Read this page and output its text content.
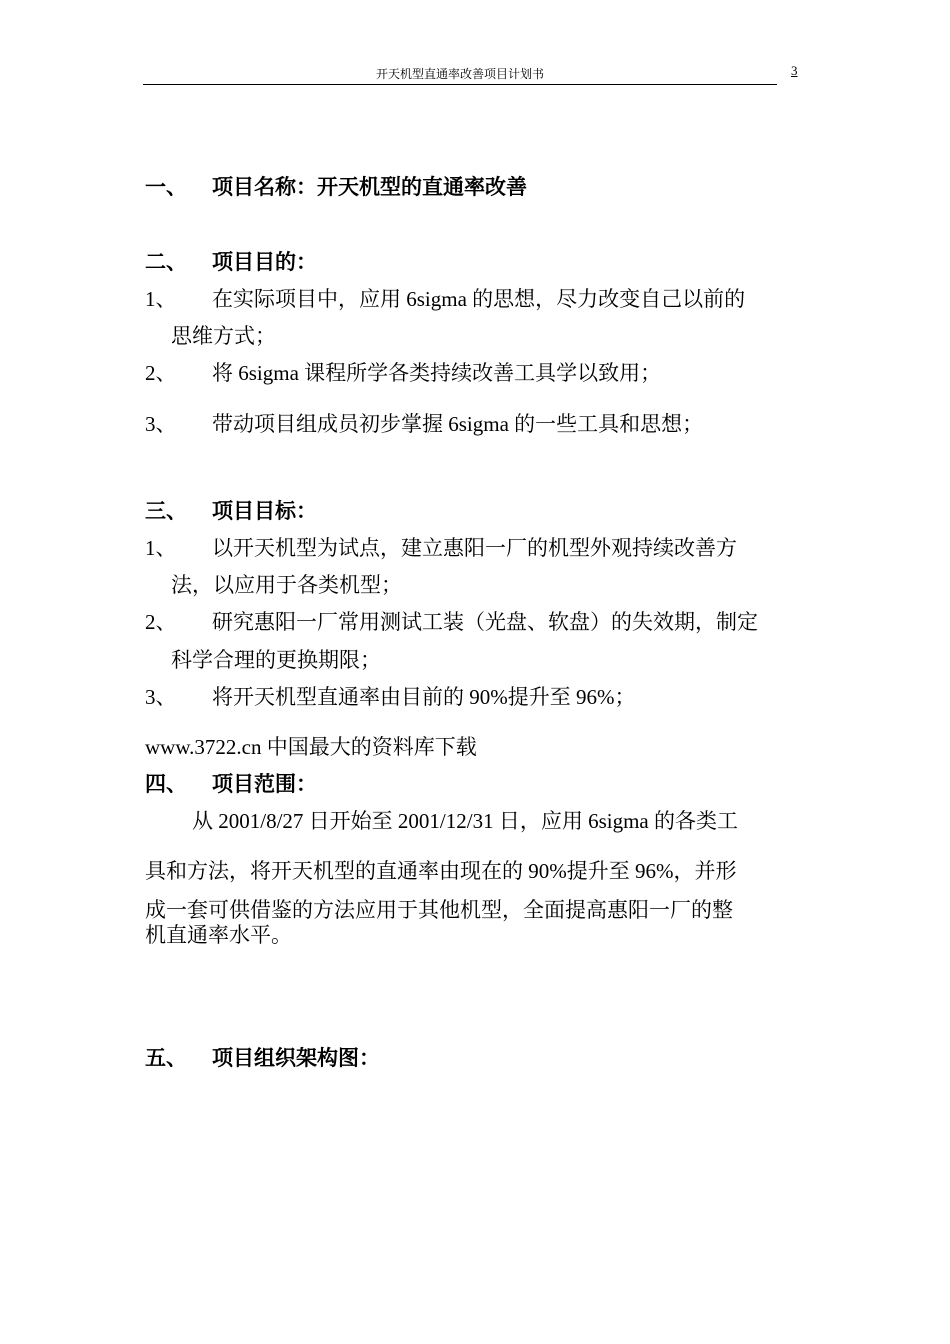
开天机型直通率改善项目计划书	3
一、 项目名称：开天机型的直通率改善
二、 项目目的：
1、 在实际项目中，应用 6sigma 的思想，尽力改变自己以前的
思维方式；
2、 将 6sigma 课程所学各类持续改善工具学以致用；
3、 带动项目组成员初步掌握 6sigma 的一些工具和思想；
三、 项目目标：
1、 以开天机型为试点，建立惠阳一厂的机型外观持续改善方
法，以应用于各类机型；
2、 研究惠阳一厂常用测试工装（光盘、软盘）的失效期，制定
科学合理的更换期限；
3、 将开天机型直通率由目前的 90%提升至 96%；
www.3722.cn 中国最大的资料库下载
四、 项目范围：
从 2001/8/27 日开始至 2001/12/31 日，应用 6sigma 的各类工
具和方法，将开天机型的直通率由现在的 90%提升至 96%，并形
成一套可供借鉴的方法应用于其他机型，全面提高惠阳一厂的整
机直通率水平。
五、 项目组织架构图：
